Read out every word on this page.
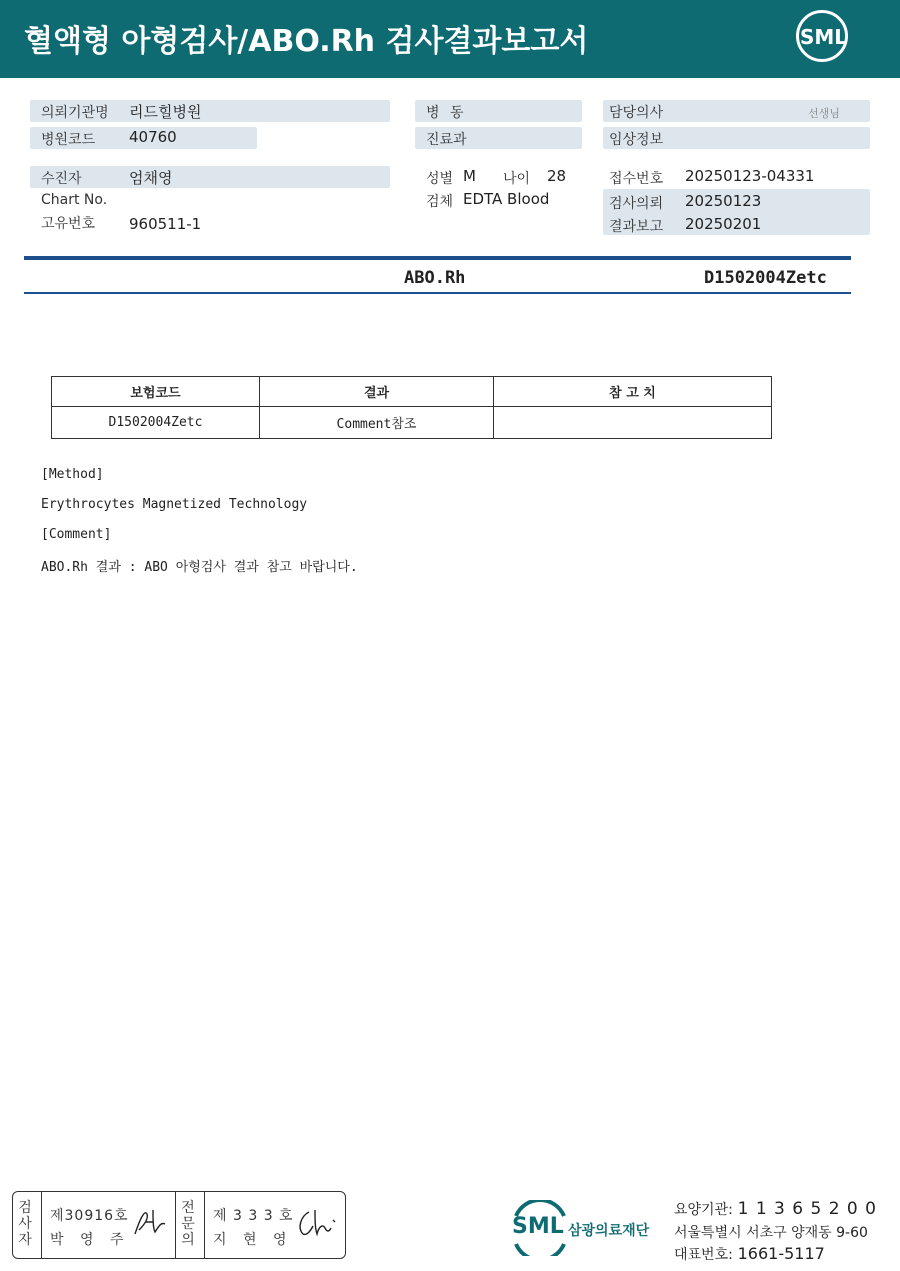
혈액형 아형검사/ABO.Rh 검사결과보고서	SML
의뢰기관명 리드힐병원
병원코드 40760
수진자	엄채영
Chart No.
고유번호 960511-1
병 동
진료과
성별 M 나이 28
검체 EDTA Blood
담당의사	선생님
임상정보
접수번호 20250123-04331
검사의뢰 20250123
결과보고 20250201
ABO.Rh	D1502004Zetc
보험코드	결과	참 고 치
D1502004Zetc	Comment참조	
[Method]
Erythrocytes Magnetized Technology
[Comment]
ABO.Rh 결과 : ABO 아형검사 결과 참고 바랍니다.
검사자
제30916호
박 영 주
전문의
제 3 3 3 호
지 현 영
SML 삼광의료재단
요양기관: 1 1 3 6 5 2 0 0
서울특별시 서초구 양재동 9-60
대표번호: 1661-5117
